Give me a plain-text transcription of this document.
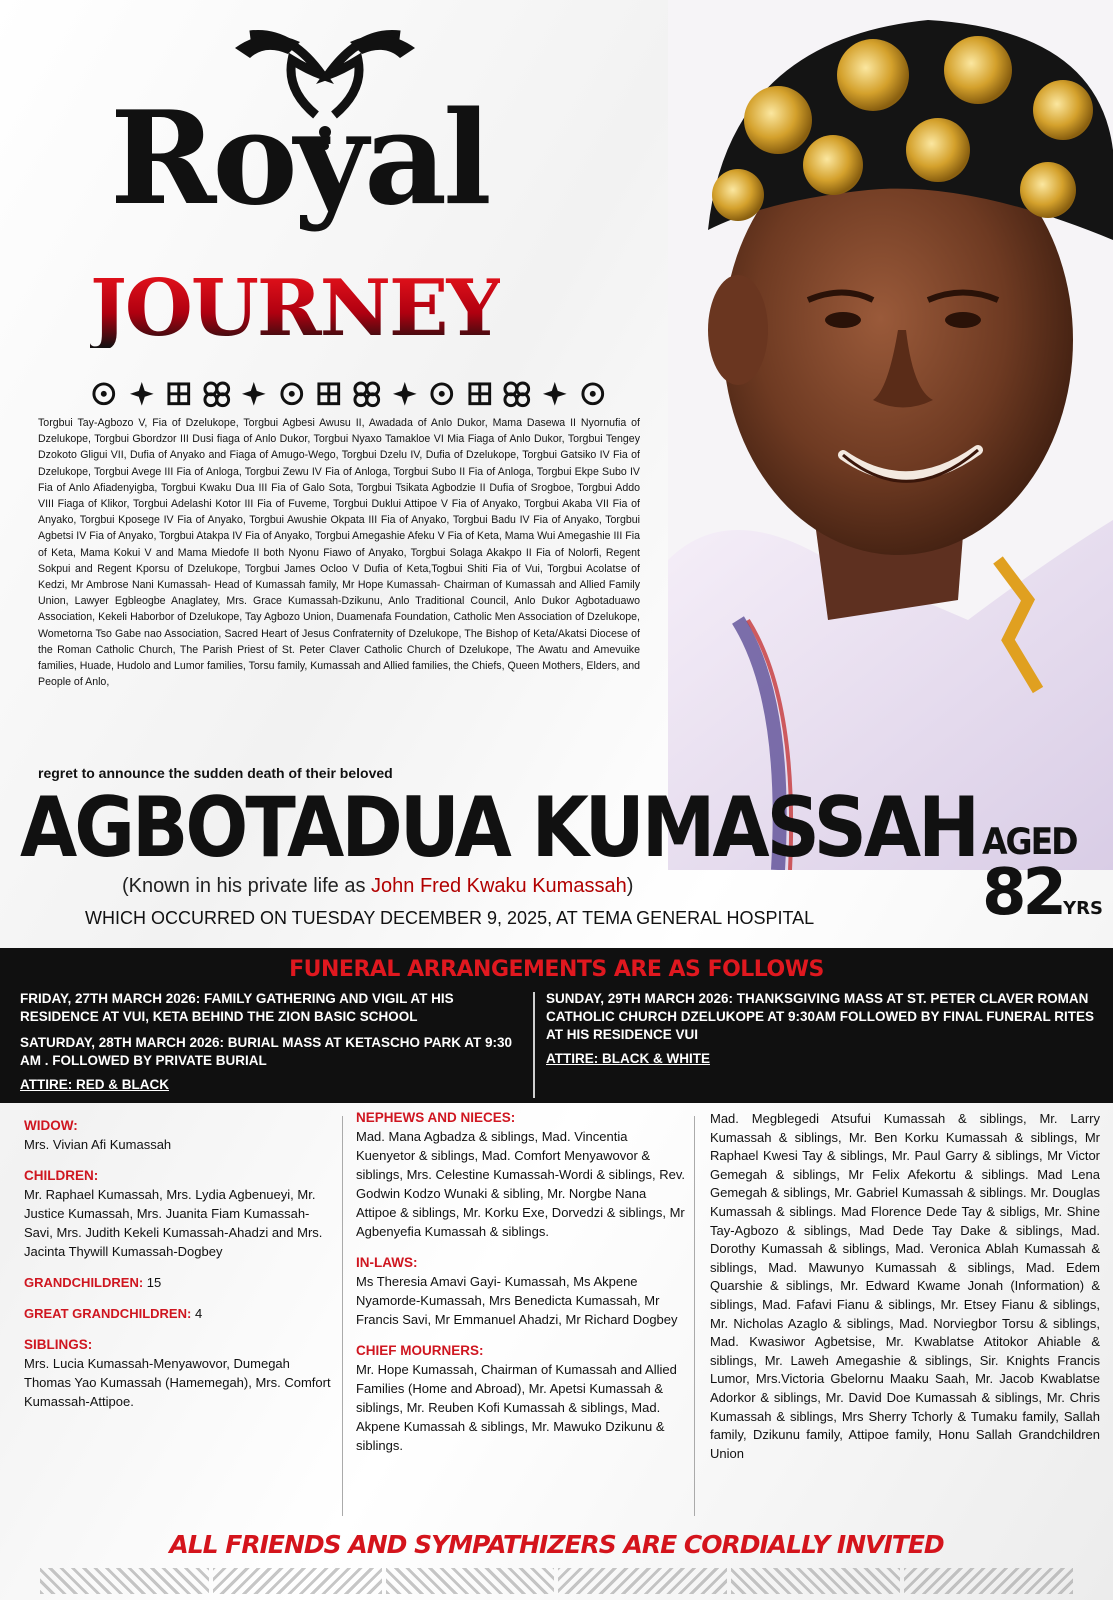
Royal
JOURNEY

Torgbui Tay-Agbozo V, Fia of Dzelukope, Torgbui Agbesi Awusu II, Awadada of Anlo Dukor, Mama Dasewa II Nyornufia of Dzelukope, Torgbui Gbordzor III Dusi fiaga of Anlo Dukor, Torgbui Nyaxo Tamakloe VI Mia Fiaga of Anlo Dukor, Torgbui Tengey Dzokoto Gligui VII, Dufia of Anyako and Fiaga of Amugo-Wego, Torgbui Dzelu IV, Dufia of Dzelukope, Torgbui Gatsiko IV Fia of Dzelukope, Torgbui Avege III Fia of Anloga, Torgbui Zewu IV Fia of Anloga, Torgbui Subo II Fia of Anloga, Torgbui Ekpe Subo IV Fia of Anlo Afiadenyigba, Torgbui Kwaku Dua III Fia of Galo Sota, Torgbui Tsikata Agbodzie II Dufia of Srogboe, Torgbui Addo VIII Fiaga of Klikor, Torgbui Adelashi Kotor III Fia of Fuveme, Torgbui Duklui Attipoe V Fia of Anyako, Torgbui Akaba VII Fia of Anyako, Torgbui Kposege IV Fia of Anyako, Torgbui Awushie Okpata III Fia of Anyako, Torgbui Badu IV Fia of Anyako, Torgbui Agbetsi IV Fia of Anyako, Torgbui Atakpa IV Fia of Anyako, Torgbui Amegashie Afeku V Fia of Keta, Mama Wui Amegashie III Fia of Keta, Mama Kokui V and Mama Miedofe II both Nyonu Fiawo of Anyako, Torgbui Solaga Akakpo II Fia of Nolorfi, Regent Sokpui and Regent Kporsu of Dzelukope, Torgbui James Ocloo V Dufia of Keta,Togbui Shiti Fia of Vui, Torgbui Acolatse of Kedzi, Mr Ambrose Nani Kumassah- Head of Kumassah family, Mr Hope Kumassah- Chairman of Kumassah and Allied Family Union, Lawyer Egbleogbe Anaglatey, Mrs. Grace Kumassah-Dzikunu, Anlo Traditional Council, Anlo Dukor Agbotaduawo Association, Kekeli Haborbor of Dzelukope, Tay Agbozo Union, Duamenafa Foundation, Catholic Men Association of Dzelukope, Wometorna Tso Gabe nao Association, Sacred Heart of Jesus Confraternity of Dzelukope, The Bishop of Keta/Akatsi Diocese of the Roman Catholic Church, The Parish Priest of St. Peter Claver Catholic Church of Dzelukope, The Awatu and Amevuike families, Huade, Hudolo and Lumor families, Torsu family, Kumassah and Allied families, the Chiefs, Queen Mothers, Elders, and People of Anlo,

regret to announce the sudden death of their beloved
AGBOTADUA KUMASSAH
(Known in his private life as John Fred Kwaku Kumassah)
WHICH OCCURRED ON TUESDAY DECEMBER 9, 2025, AT TEMA GENERAL HOSPITAL
AGED
82YRS
FUNERAL ARRANGEMENTS ARE AS FOLLOWS
FRIDAY, 27TH MARCH 2026: FAMILY GATHERING AND VIGIL AT HIS RESIDENCE AT VUI, KETA BEHIND THE ZION BASIC SCHOOL
SATURDAY, 28TH MARCH 2026: BURIAL MASS AT KETASCHO PARK AT 9:30 AM . FOLLOWED BY PRIVATE BURIAL
ATTIRE: RED & BLACK
SUNDAY, 29TH MARCH 2026: THANKSGIVING MASS AT ST. PETER CLAVER ROMAN CATHOLIC CHURCH DZELUKOPE AT 9:30AM FOLLOWED BY FINAL FUNERAL RITES AT HIS RESIDENCE VUI
ATTIRE: BLACK & WHITE
WIDOW:
Mrs. Vivian Afi Kumassah
CHILDREN:
Mr. Raphael Kumassah, Mrs. Lydia Agbenueyi, Mr. Justice Kumassah, Mrs. Juanita Fiam Kumassah-Savi, Mrs. Judith Kekeli Kumassah-Ahadzi and Mrs. Jacinta Thywill Kumassah-Dogbey
GRANDCHILDREN: 15
GREAT GRANDCHILDREN: 4
SIBLINGS:
Mrs. Lucia Kumassah-Menyawovor, Dumegah Thomas Yao Kumassah (Hamemegah), Mrs. Comfort Kumassah-Attipoe.
NEPHEWS AND NIECES:
Mad. Mana Agbadza & siblings, Mad. Vincentia Kuenyetor & siblings, Mad. Comfort Menyawovor & siblings, Mrs. Celestine Kumassah-Wordi & siblings, Rev. Godwin Kodzo Wunaki & sibling, Mr. Norgbe Nana Attipoe & siblings, Mr. Korku Exe, Dorvedzi & siblings, Mr Agbenyefia Kumassah & siblings.
IN-LAWS:
Ms Theresia Amavi Gayi- Kumassah, Ms Akpene Nyamorde-Kumassah, Mrs Benedicta Kumassah, Mr Francis Savi, Mr Emmanuel Ahadzi, Mr Richard Dogbey
CHIEF MOURNERS:
Mr. Hope Kumassah, Chairman of Kumassah and Allied Families (Home and Abroad), Mr. Apetsi Kumassah & siblings, Mr. Reuben Kofi Kumassah & siblings, Mad. Akpene Kumassah & siblings, Mr. Mawuko Dzikunu & siblings.
Mad. Megblegedi Atsufui Kumassah & siblings, Mr. Larry Kumassah & siblings, Mr. Ben Korku Kumassah & siblings, Mr Raphael Kwesi Tay & siblings, Mr. Paul Garry & siblings, Mr Victor Gemegah & siblings, Mr Felix Afekortu & siblings. Mad Lena Gemegah & siblings, Mr. Gabriel Kumassah & siblings. Mr. Douglas Kumassah & siblings. Mad Florence Dede Tay & sibligs, Mr. Shine Tay-Agbozo & siblings, Mad Dede Tay Dake & siblings, Mad. Dorothy Kumassah & siblings, Mad. Veronica Ablah Kumassah & siblings, Mad. Mawunyo Kumassah & siblings, Mad. Edem Quarshie & siblings, Mr. Edward Kwame Jonah (Information) & siblings, Mad. Fafavi Fianu & siblings, Mr. Etsey Fianu & siblings, Mr. Nicholas Azaglo & siblings, Mad. Norviegbor Torsu & siblings, Mad. Kwasiwor Agbetsise, Mr. Kwablatse Atitokor Ahiable & siblings, Mr. Laweh Amegashie & siblings, Sir. Knights Francis Lumor, Mrs.Victoria Gbelornu Maaku Saah, Mr. Jacob Kwablatse Adorkor & siblings, Mr. David Doe Kumassah & siblings, Mr. Chris Kumassah & siblings, Mrs Sherry Tchorly & Tumaku family, Sallah family, Dzikunu family, Attipoe family, Honu Sallah Grandchildren Union
ALL FRIENDS AND SYMPATHIZERS ARE CORDIALLY INVITED
